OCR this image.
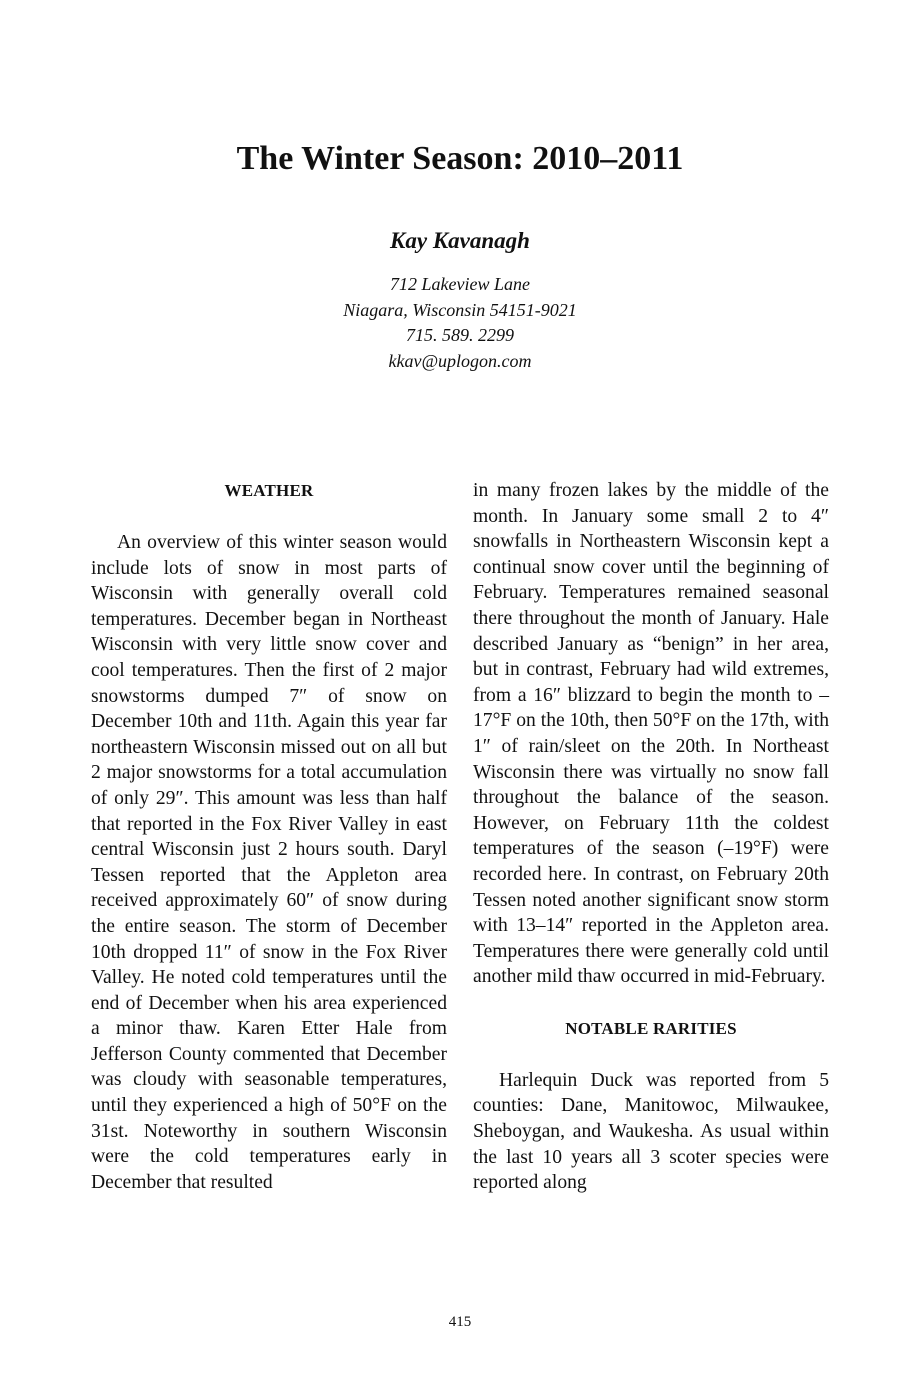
The Winter Season: 2010–2011
Kay Kavanagh
712 Lakeview Lane
Niagara, Wisconsin 54151-9021
715. 589. 2299
kkav@uplogon.com
WEATHER

An overview of this winter season would include lots of snow in most parts of Wisconsin with generally overall cold temperatures. December began in Northeast Wisconsin with very little snow cover and cool temperatures. Then the first of 2 major snowstorms dumped 7″ of snow on December 10th and 11th. Again this year far northeastern Wisconsin missed out on all but 2 major snowstorms for a total accumulation of only 29″. This amount was less than half that reported in the Fox River Valley in east central Wisconsin just 2 hours south. Daryl Tessen reported that the Appleton area received approximately 60″ of snow during the entire season. The storm of December 10th dropped 11″ of snow in the Fox River Valley. He noted cold temperatures until the end of December when his area experienced a minor thaw. Karen Etter Hale from Jefferson County commented that December was cloudy with seasonable temperatures, until they experienced a high of 50°F on the 31st. Noteworthy in southern Wisconsin were the cold temperatures early in December that resulted

in many frozen lakes by the middle of the month. In January some small 2 to 4″ snowfalls in Northeastern Wisconsin kept a continual snow cover until the beginning of February. Temperatures remained seasonal there throughout the month of January. Hale described January as “benign” in her area, but in contrast, February had wild extremes, from a 16″ blizzard to begin the month to –17°F on the 10th, then 50°F on the 17th, with 1″ of rain/sleet on the 20th. In Northeast Wisconsin there was virtually no snow fall throughout the balance of the season. However, on February 11th the coldest temperatures of the season (–19°F) were recorded here. In contrast, on February 20th Tessen noted another significant snow storm with 13–14″ reported in the Appleton area. Temperatures there were generally cold until another mild thaw occurred in mid-February.

NOTABLE RARITIES

Harlequin Duck was reported from 5 counties: Dane, Manitowoc, Milwaukee, Sheboygan, and Waukesha. As usual within the last 10 years all 3 scoter species were reported along

415
